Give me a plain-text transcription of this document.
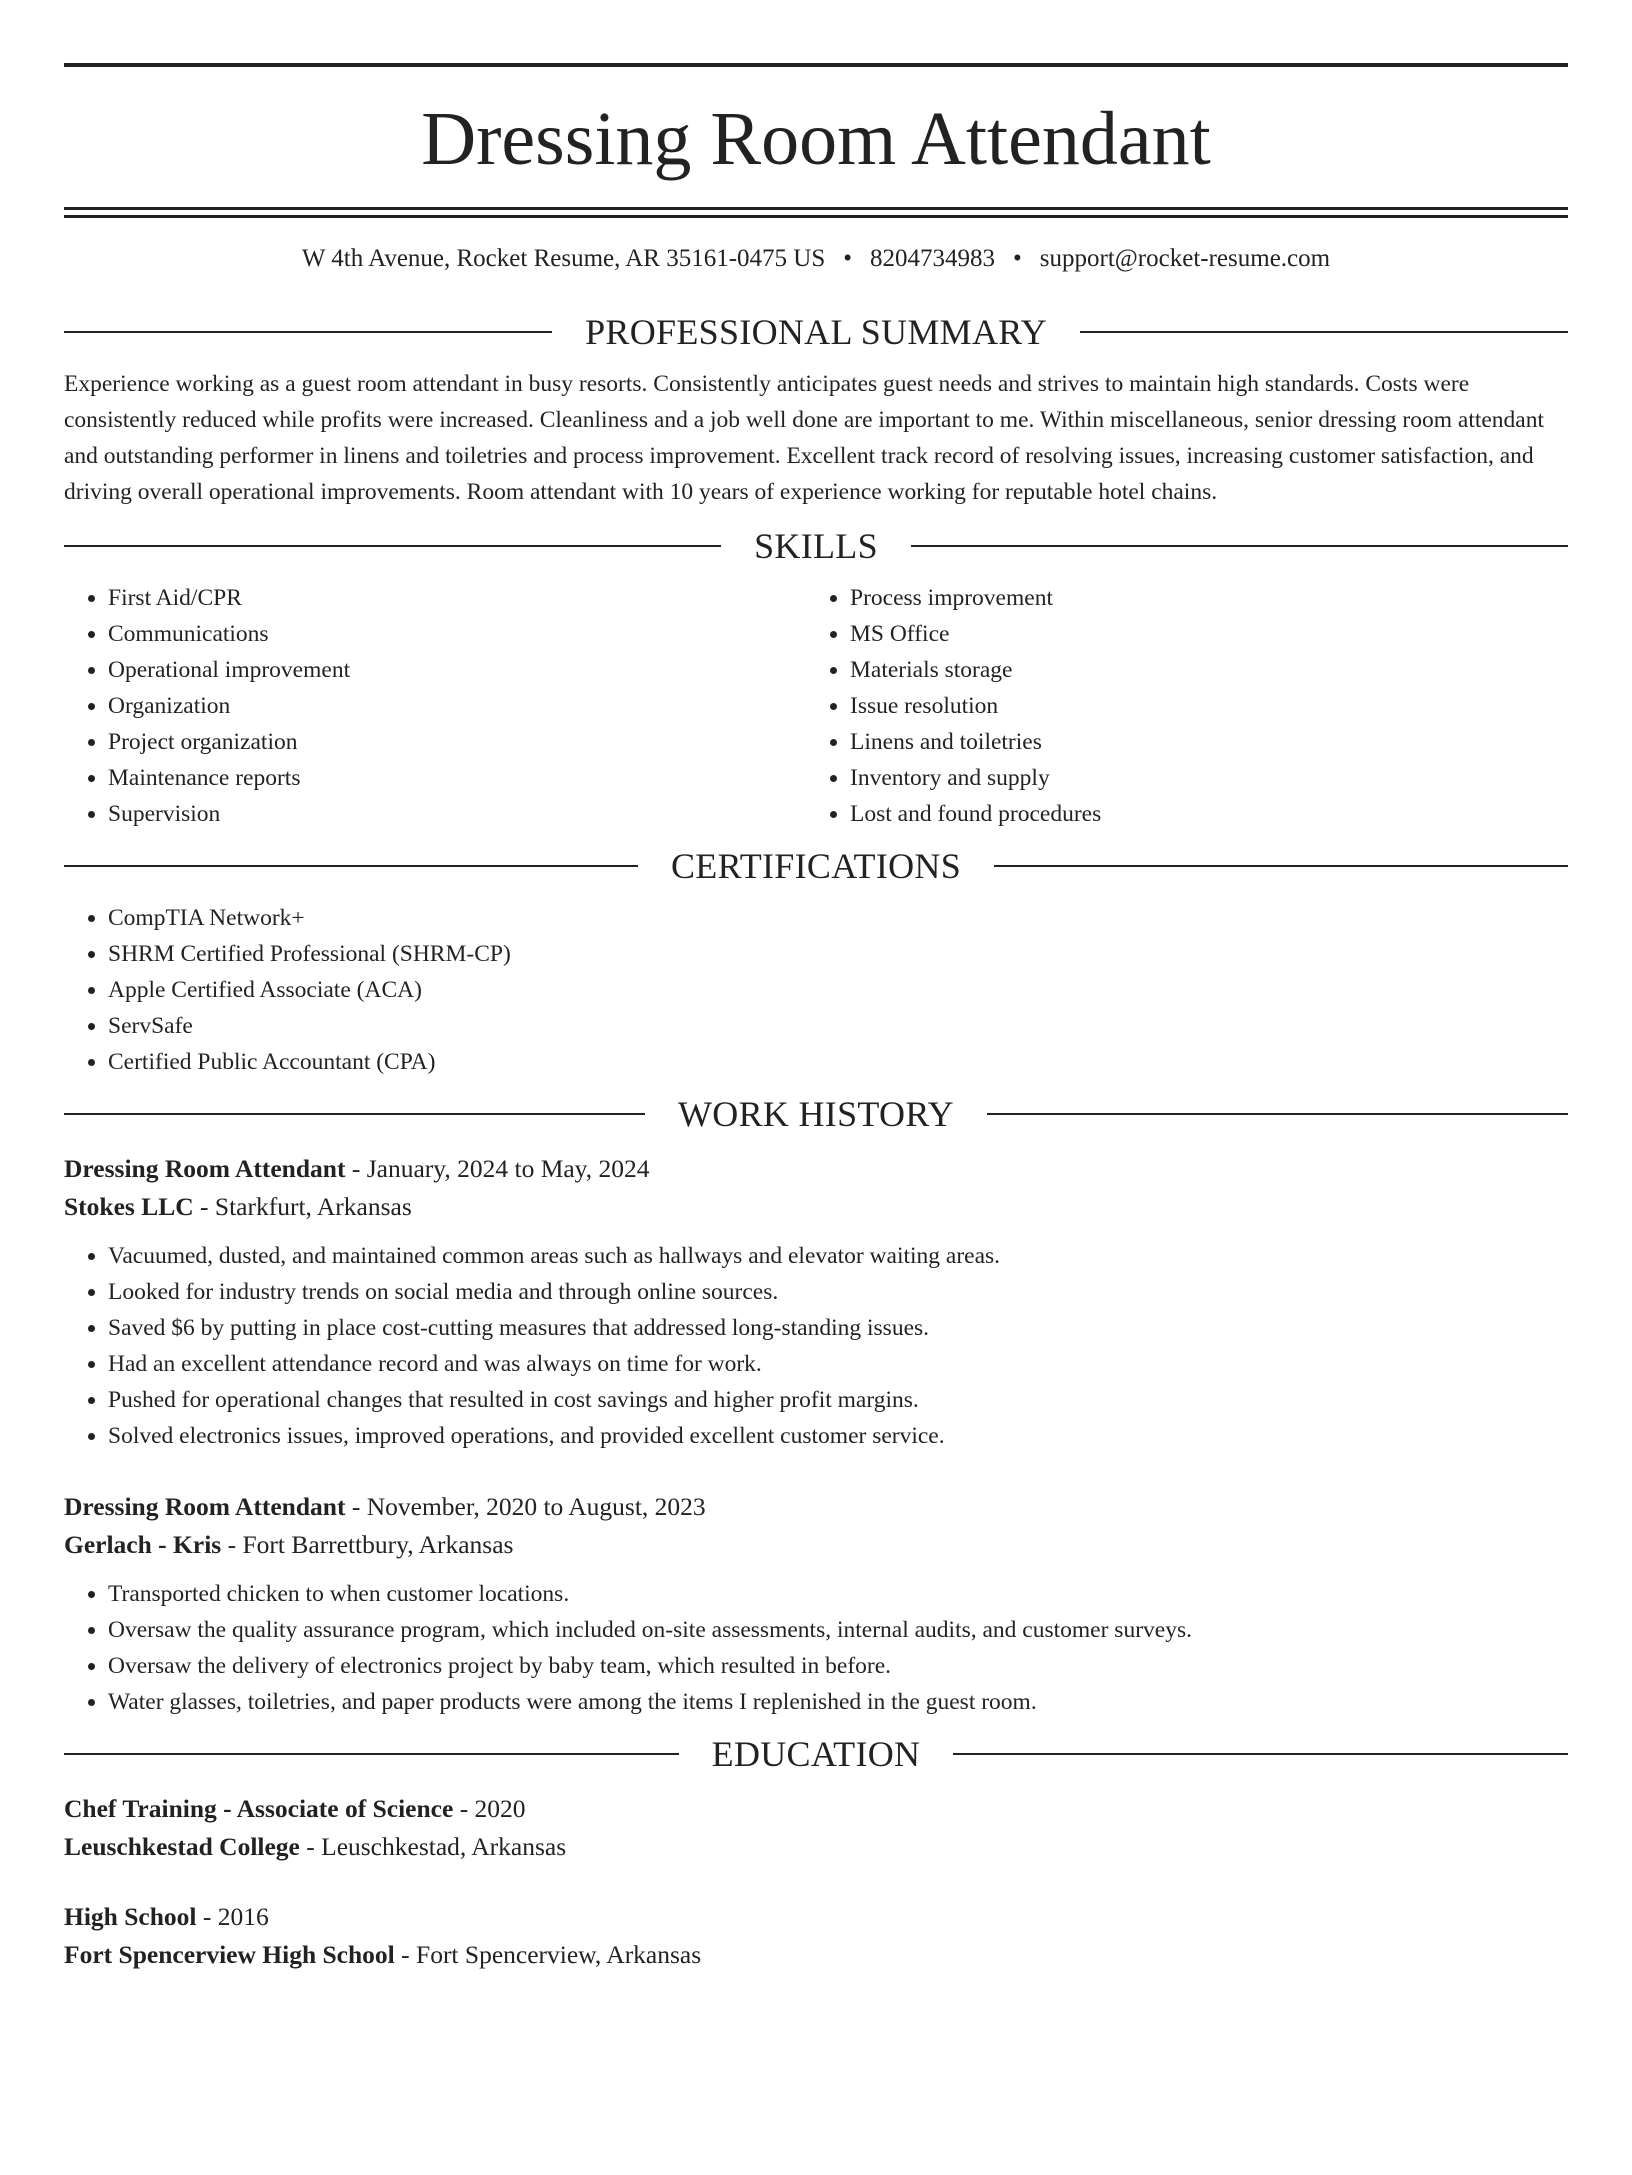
Dressing Room Attendant
W 4th Avenue, Rocket Resume, AR 35161-0475 US • 8204734983 • support@rocket-resume.com
PROFESSIONAL SUMMARY
Experience working as a guest room attendant in busy resorts. Consistently anticipates guest needs and strives to maintain high standards. Costs were consistently reduced while profits were increased. Cleanliness and a job well done are important to me. Within miscellaneous, senior dressing room attendant and outstanding performer in linens and toiletries and process improvement. Excellent track record of resolving issues, increasing customer satisfaction, and driving overall operational improvements. Room attendant with 10 years of experience working for reputable hotel chains.
SKILLS
• First Aid/CPR
• Communications
• Operational improvement
• Organization
• Project organization
• Maintenance reports
• Supervision
• Process improvement
• MS Office
• Materials storage
• Issue resolution
• Linens and toiletries
• Inventory and supply
• Lost and found procedures
CERTIFICATIONS
• CompTIA Network+
• SHRM Certified Professional (SHRM-CP)
• Apple Certified Associate (ACA)
• ServSafe
• Certified Public Accountant (CPA)
WORK HISTORY
Dressing Room Attendant - January, 2024 to May, 2024
Stokes LLC - Starkfurt, Arkansas
• Vacuumed, dusted, and maintained common areas such as hallways and elevator waiting areas.
• Looked for industry trends on social media and through online sources.
• Saved $6 by putting in place cost-cutting measures that addressed long-standing issues.
• Had an excellent attendance record and was always on time for work.
• Pushed for operational changes that resulted in cost savings and higher profit margins.
• Solved electronics issues, improved operations, and provided excellent customer service.
Dressing Room Attendant - November, 2020 to August, 2023
Gerlach - Kris - Fort Barrettbury, Arkansas
• Transported chicken to when customer locations.
• Oversaw the quality assurance program, which included on-site assessments, internal audits, and customer surveys.
• Oversaw the delivery of electronics project by baby team, which resulted in before.
• Water glasses, toiletries, and paper products were among the items I replenished in the guest room.
EDUCATION
Chef Training - Associate of Science - 2020
Leuschkestad College - Leuschkestad, Arkansas
High School - 2016
Fort Spencerview High School - Fort Spencerview, Arkansas
